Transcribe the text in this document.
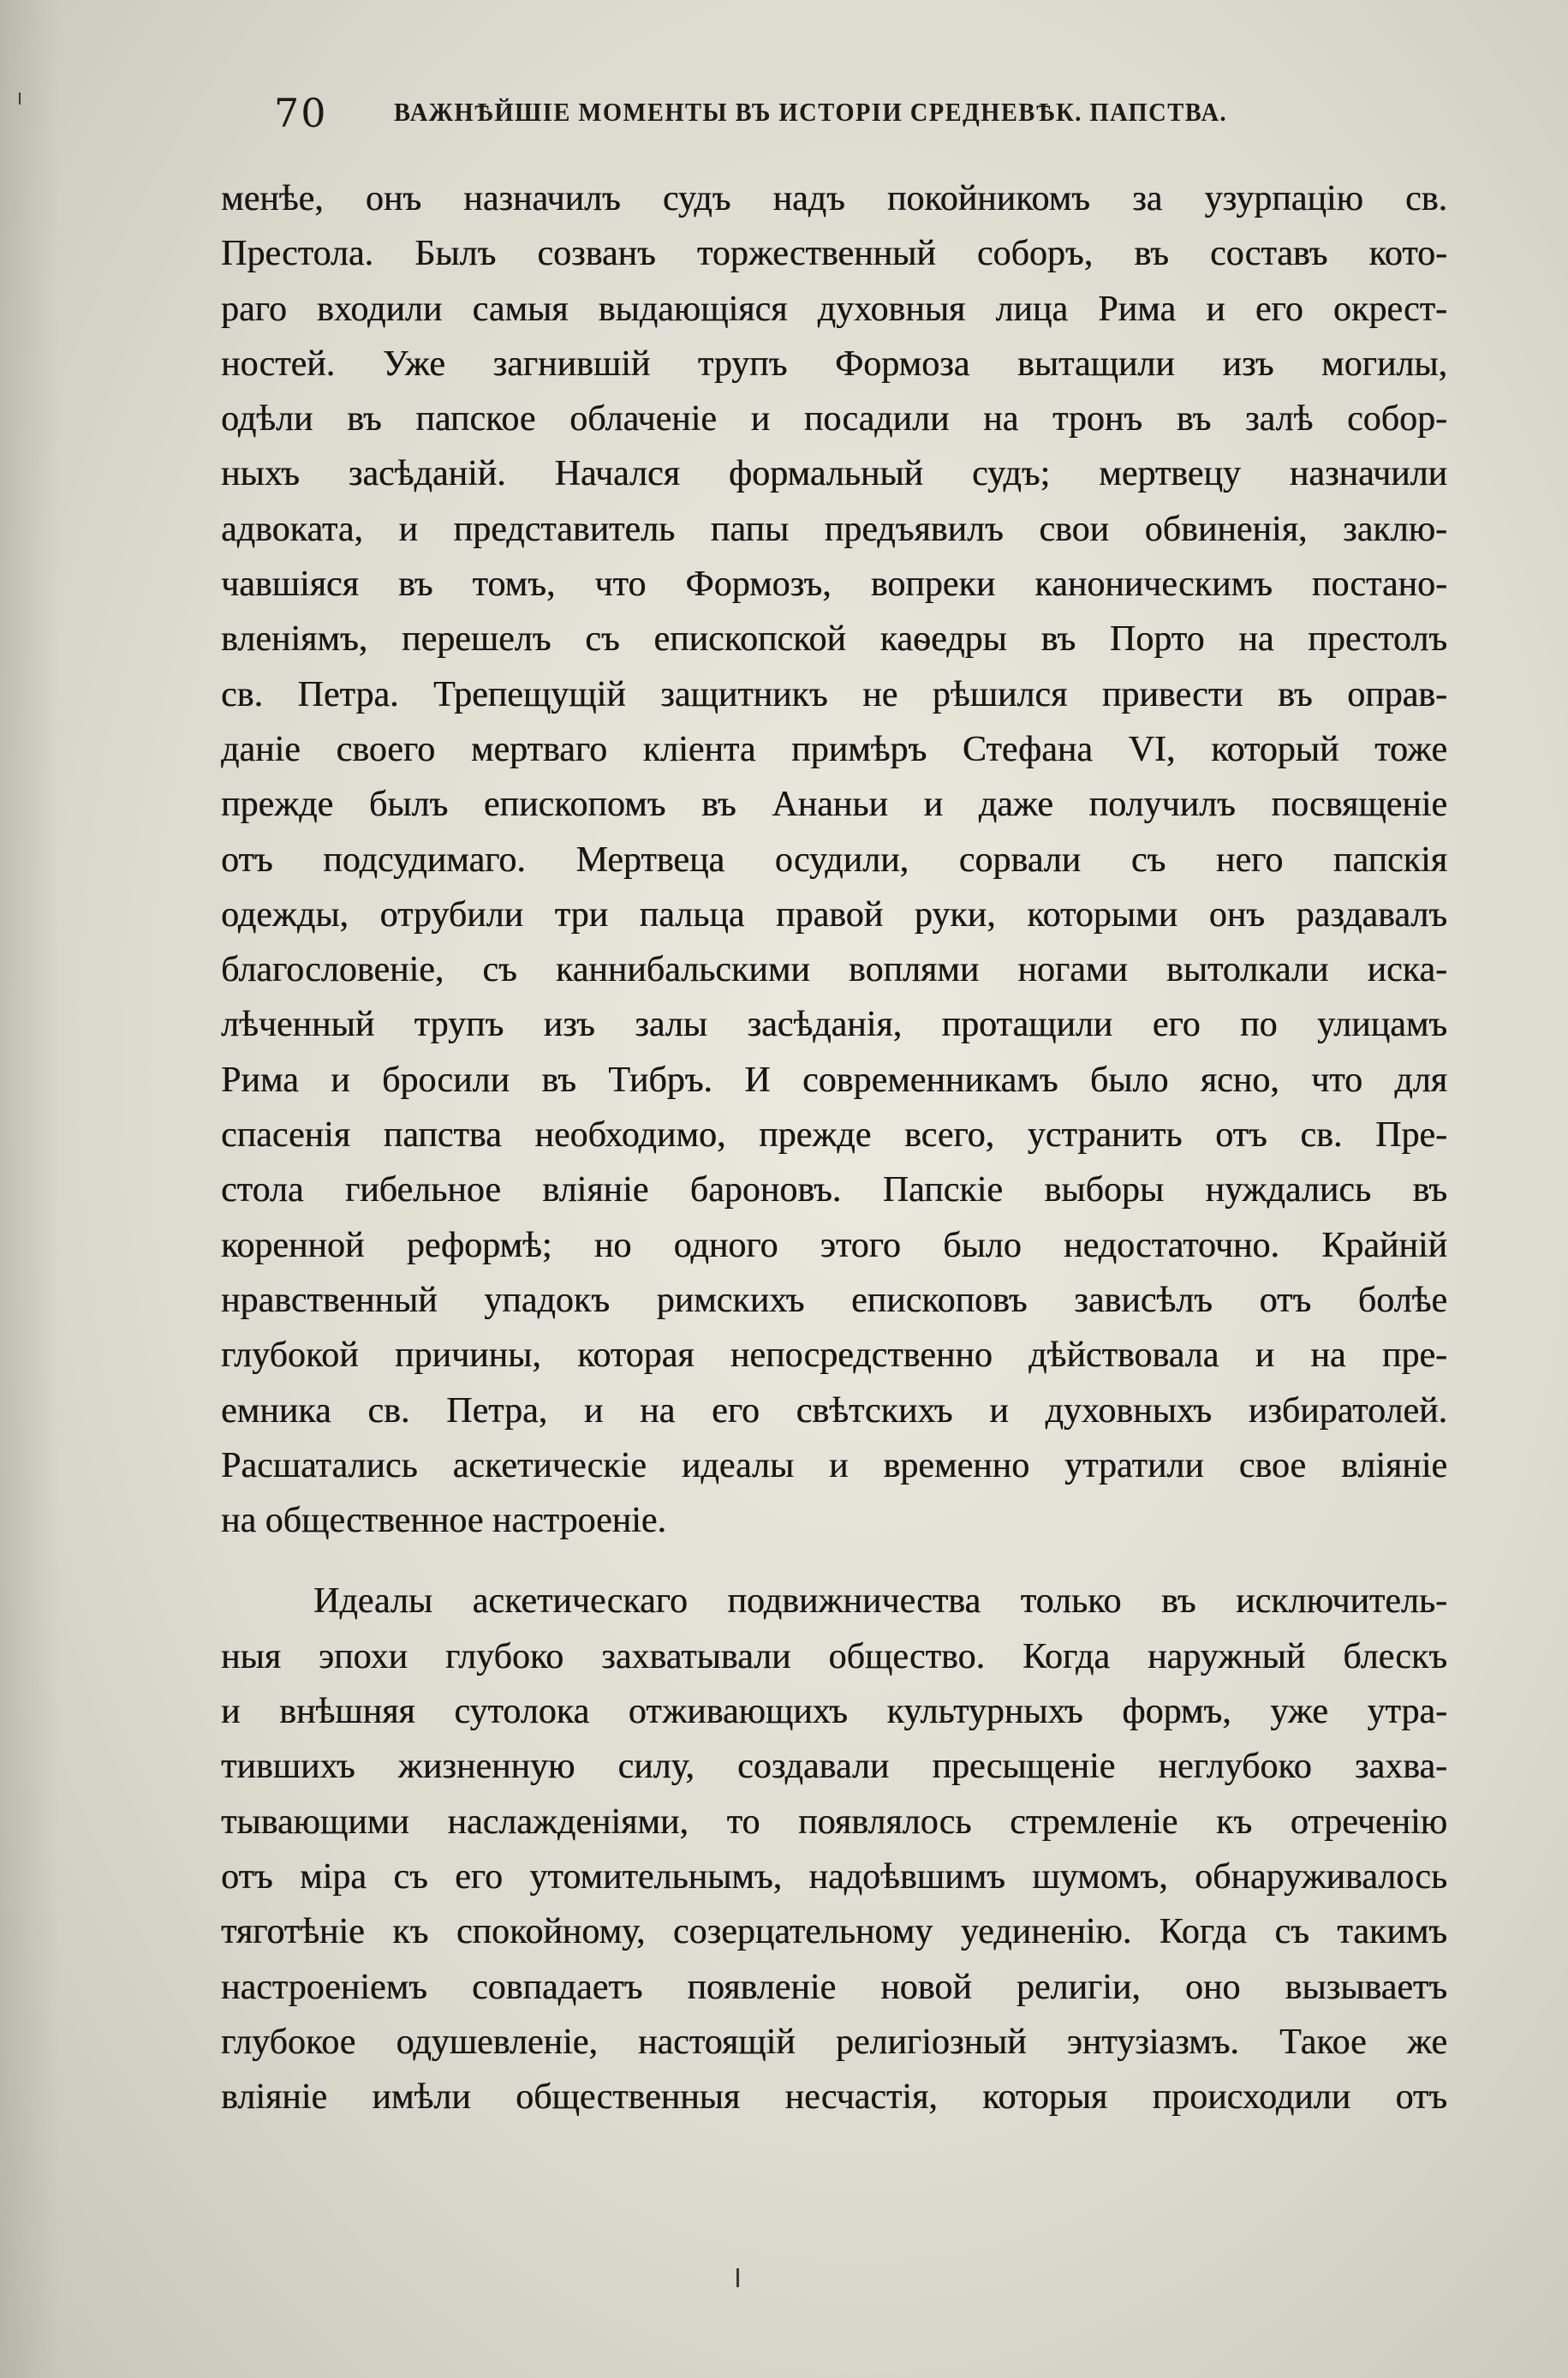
70 ВАЖНѢЙШІЕ МОМЕНТЫ ВЪ ИСТОРІИ СРЕДНЕВѢК. ПАПСТВА.

менѣе, онъ назначилъ судъ надъ покойникомъ за узурпацію св.
Престола. Былъ созванъ торжественный соборъ, въ составъ кото-
раго входили самыя выдающіяся духовныя лица Рима и его окрест-
ностей. Уже загнившій трупъ Формоза вытащили изъ могилы,
одѣли въ папское облаченіе и посадили на тронъ въ залѣ собор-
ныхъ засѣданій. Начался формальный судъ; мертвецу назначили
адвоката, и представитель папы предъявилъ свои обвиненія, заклю-
чавшіяся въ томъ, что Формозъ, вопреки каноническимъ постано-
вленіямъ, перешелъ съ епископской каѳедры въ Порто на престолъ
св. Петра. Трепещущій защитникъ не рѣшился привести въ оправ-
даніе своего мертваго кліента примѣръ Стефана VI, который тоже
прежде былъ епископомъ въ Ананьи и даже получилъ посвященіе
отъ подсудимаго. Мертвеца осудили, сорвали съ него папскія
одежды, отрубили три пальца правой руки, которыми онъ раздавалъ
благословеніе, съ каннибальскими воплями ногами вытолкали иска-
лѣченный трупъ изъ залы засѣданія, протащили его по улицамъ
Рима и бросили въ Тибръ. И современникамъ было ясно, что для
спасенія папства необходимо, прежде всего, устранить отъ св. Пре-
стола гибельное вліяніе бароновъ. Папскіе выборы нуждались въ
коренной реформѣ; но одного этого было недостаточно. Крайній
нравственный упадокъ римскихъ епископовъ зависѣлъ отъ болѣе
глубокой причины, которая непосредственно дѣйствовала и на пре-
емника св. Петра, и на его свѣтскихъ и духовныхъ избиратолей.
Расшатались аскетическіе идеалы и временно утратили свое вліяніе
на общественное настроеніе.

Идеалы аскетическаго подвижничества только въ исключитель-
ныя эпохи глубоко захватывали общество. Когда наружный блескъ
и внѣшняя сутолока отживающихъ культурныхъ формъ, уже утра-
тившихъ жизненную силу, создавали пресыщеніе неглубоко захва-
тывающими наслажденіями, то появлялось стремленіе къ отреченію
отъ міра съ его утомительнымъ, надоѣвшимъ шумомъ, обнаруживалось
тяготѣніе къ спокойному, созерцательному уединенію. Когда съ такимъ
настроеніемъ совпадаетъ появленіе новой религіи, оно вызываетъ
глубокое одушевленіе, настоящій религіозный энтузіазмъ. Такое же
вліяніе имѣли общественныя несчастія, которыя происходили отъ
